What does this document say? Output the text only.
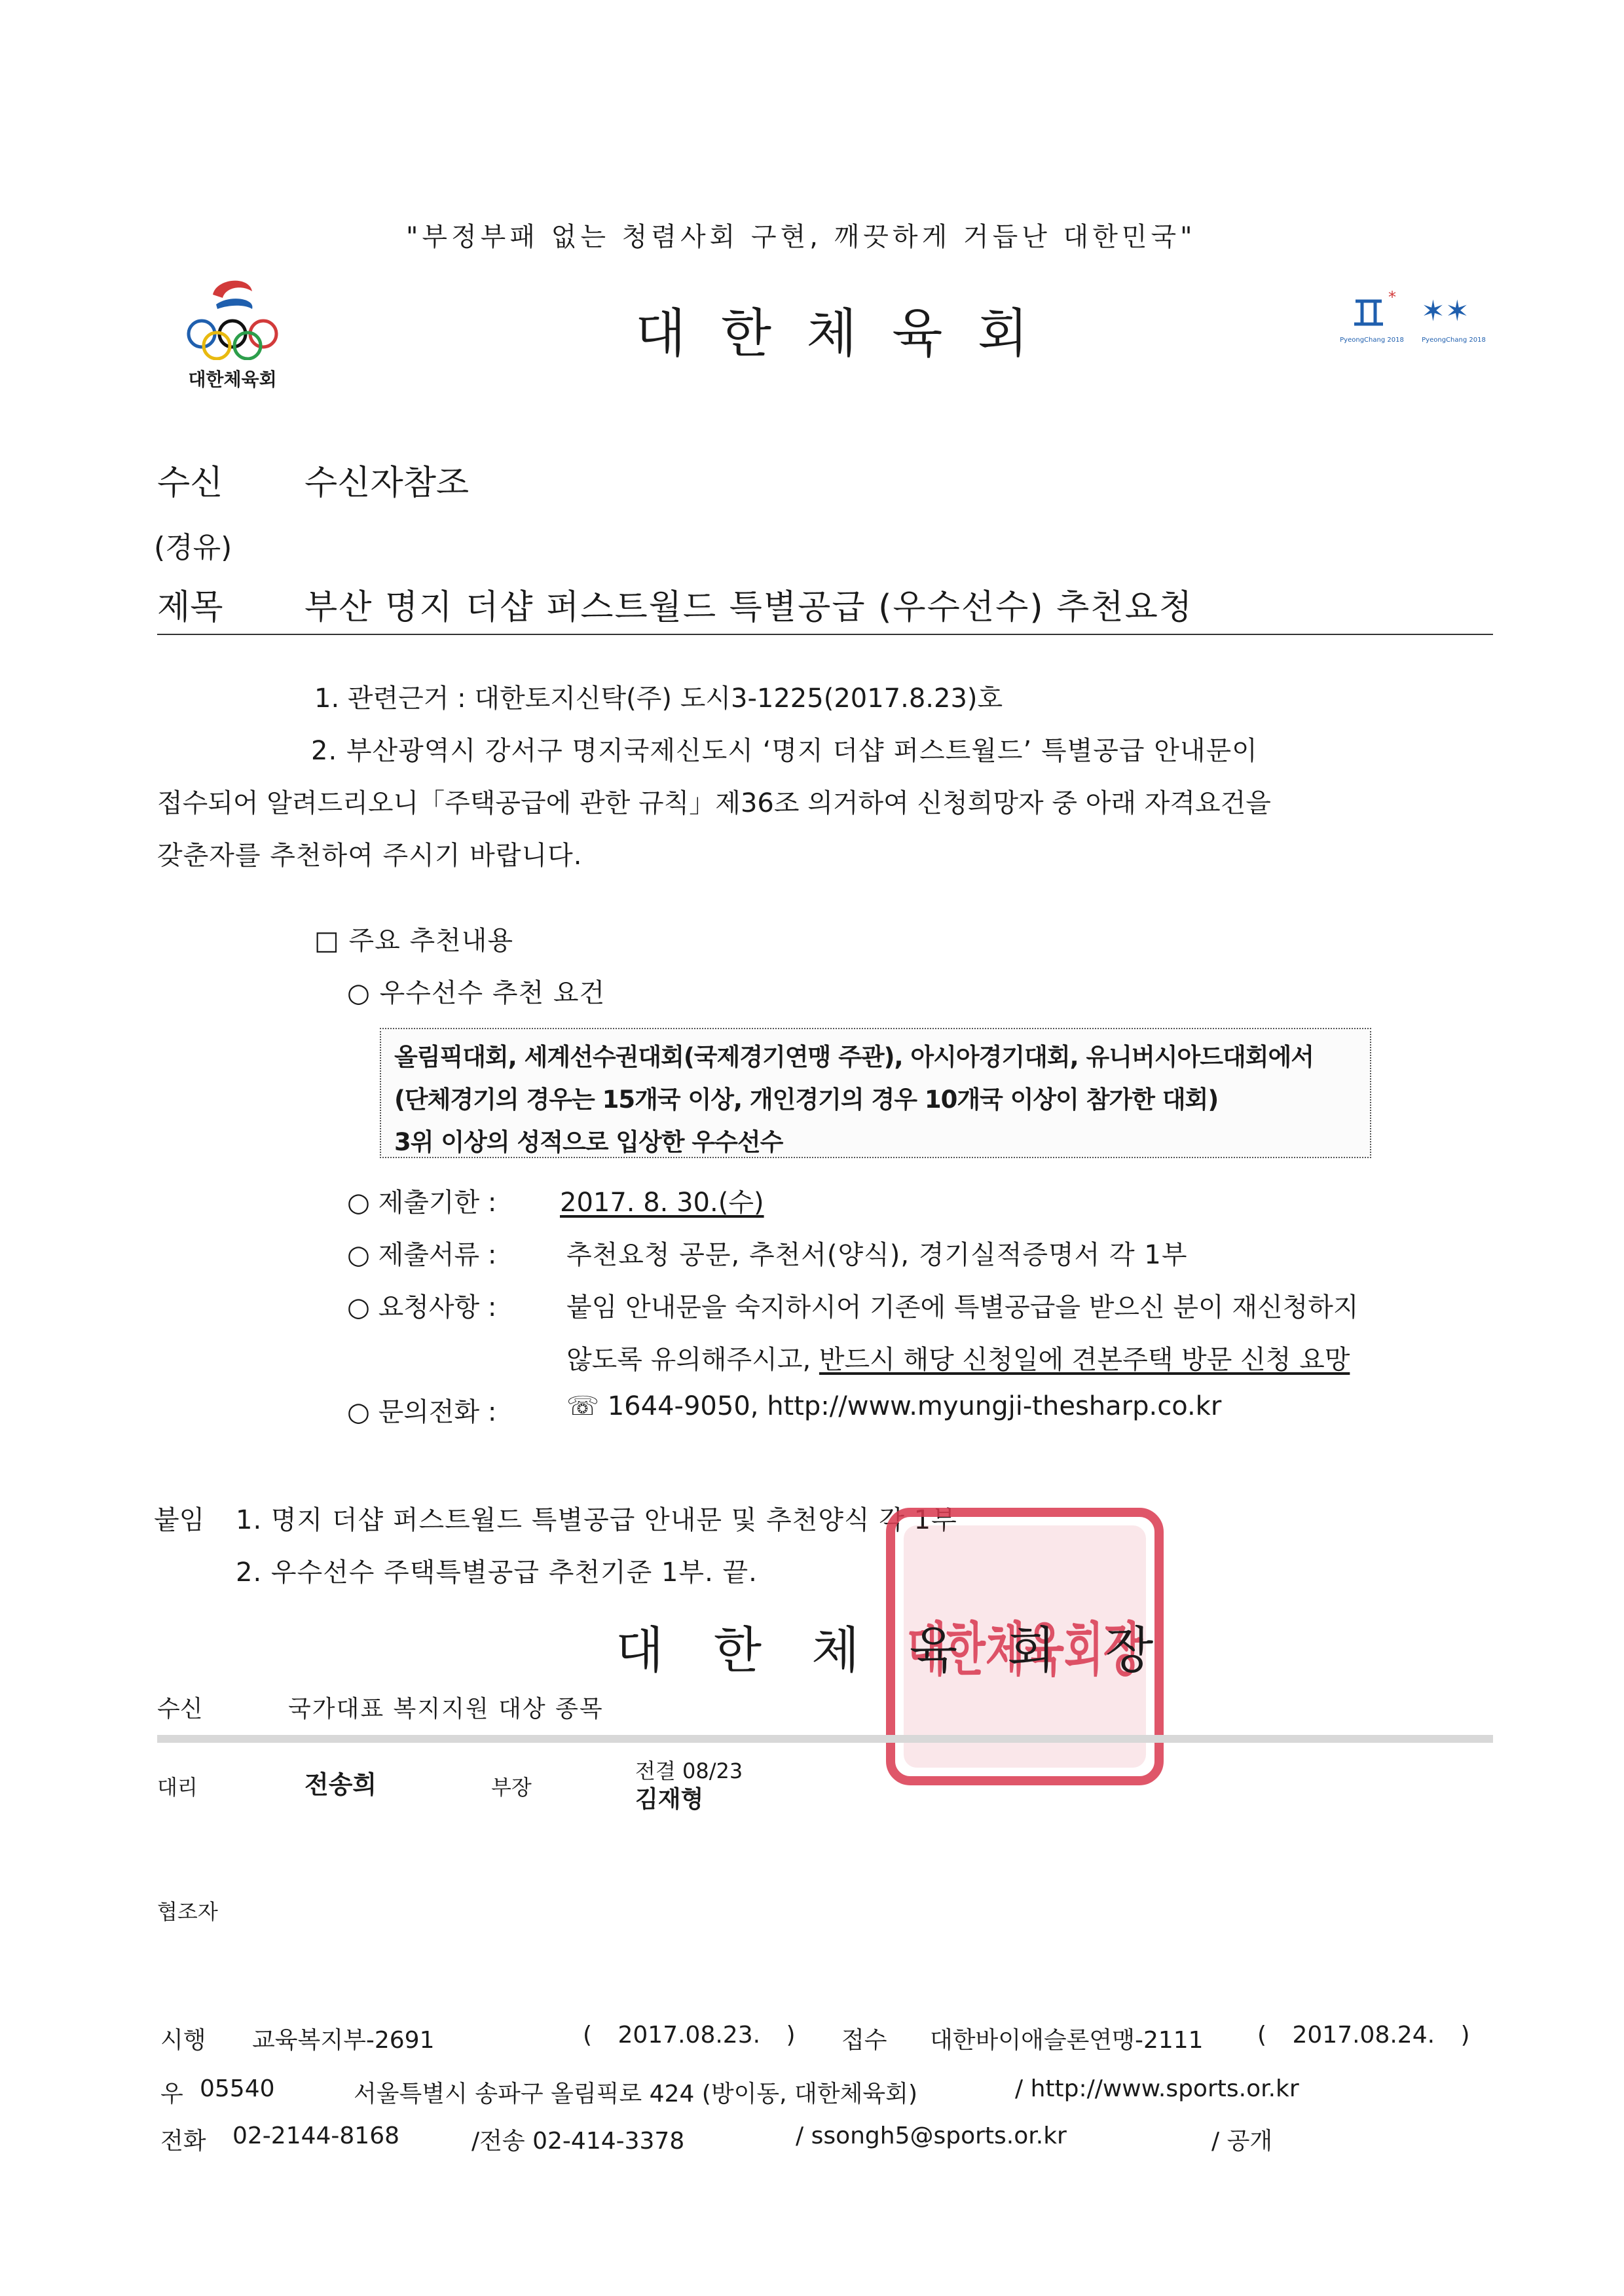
"부정부패 없는 청렴사회 구현, 깨끗하게 거듭난 대한민국"
대한체육회
대 한 체 육 회
*
PyeongChang 2018
✶✶
PyeongChang 2018
수신 수신자참조
(경유)
제목 부산 명지 더샵 퍼스트월드 특별공급 (우수선수) 추천요청
1. 관련근거 : 대한토지신탁(주) 도시3-1225(2017.8.23)호
2. 부산광역시 강서구 명지국제신도시 ‘명지 더샵 퍼스트월드’ 특별공급 안내문이
접수되어 알려드리오니「주택공급에 관한 규칙」제36조 의거하여 신청희망자 중 아래 자격요건을
갖춘자를 추천하여 주시기 바랍니다.
□ 주요 추천내용
○ 우수선수 추천 요건
올림픽대회, 세계선수권대회(국제경기연맹 주관), 아시아경기대회, 유니버시아드대회에서
(단체경기의 경우는 15개국 이상, 개인경기의 경우 10개국 이상이 참가한 대회)
3위 이상의 성적으로 입상한 우수선수
○ 제출기한 : 2017. 8. 30.(수)
○ 제출서류 :	추천요청 공문, 추천서(양식), 경기실적증명서 각 1부
○ 요청사항 :	붙임 안내문을 숙지하시어 기존에 특별공급을 받으신 분이 재신청하지
않도록 유의해주시고, 반드시 해당 신청일에 견본주택 방문 신청 요망
○ 문의전화 :	☏ 1644-9050, http://www.myungji-thesharp.co.kr
붙임 1. 명지 더샵 퍼스트월드 특별공급 안내문 및 추천양식 각 1부
2. 우수선수 주택특별공급 추천기준 1부. 끝.
대한체육회장
대 한 체 육 회 장
수신	국가대표 복지지원 대상 종목
대리	전송희	부장
전결 08/23
김재형
협조자
시행 교육복지부-2691	( 2017.08.23. ) 접수 대한바이애슬론연맹-2111 ( 2017.08.24. )
우 05540	서울특별시 송파구 올림픽로 424 (방이동, 대한체육회)	/ http://www.sports.or.kr
전화 02-2144-8168	/전송 02-414-3378	/ ssongh5@sports.or.kr	/ 공개
